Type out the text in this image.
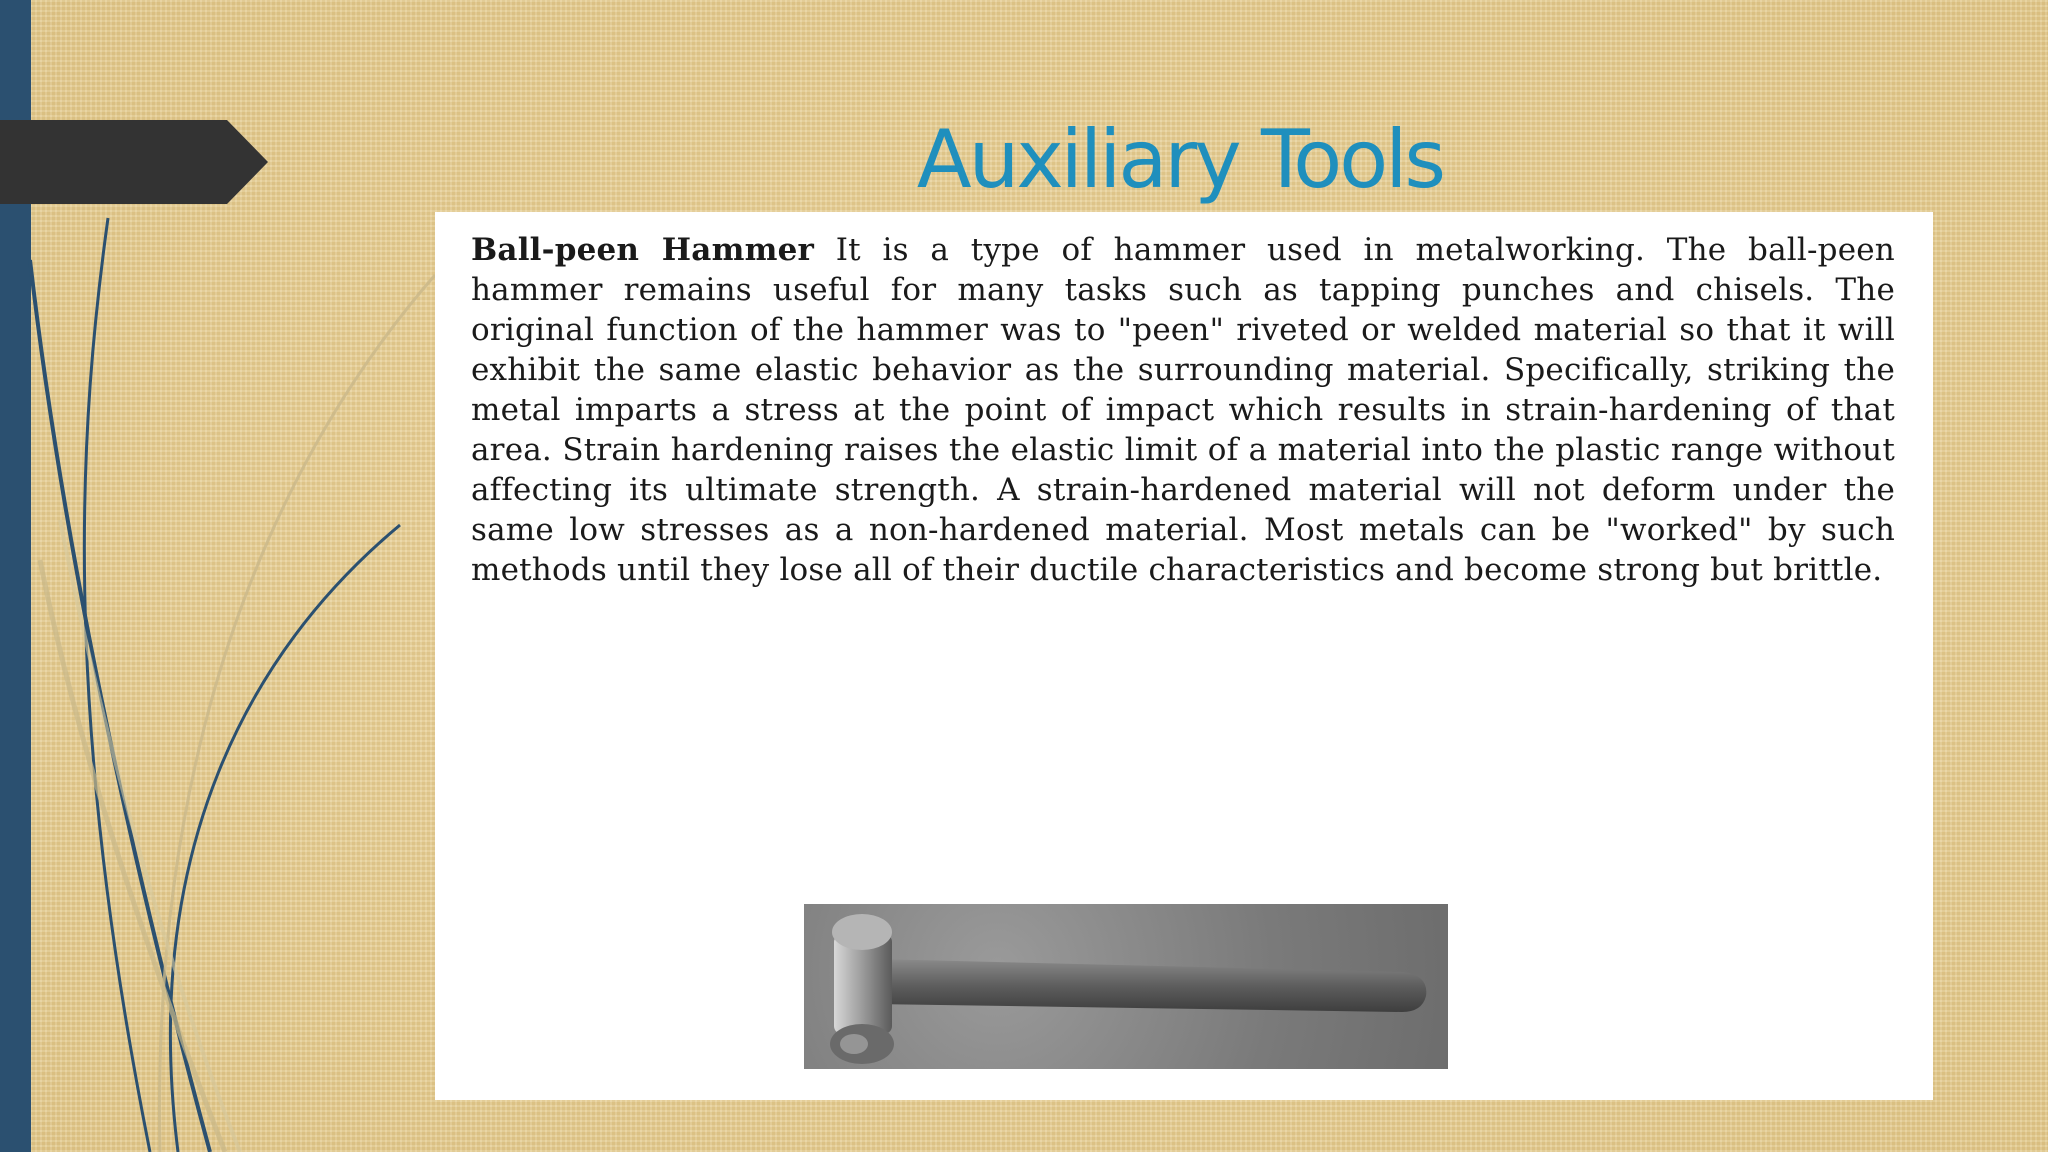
Auxiliary Tools

Ball-peen Hammer It is a type of hammer used in metalworking. The ball-peen hammer remains useful for many tasks such as tapping punches and chisels. The original function of the hammer was to "peen" riveted or welded material so that it will exhibit the same elastic behavior as the surrounding material. Specifically, striking the metal imparts a stress at the point of impact which results in strain-hardening of that area. Strain hardening raises the elastic limit of a material into the plastic range without affecting its ultimate strength. A strain-hardened material will not deform under the same low stresses as a non-hardened material. Most metals can be "worked" by such methods until they lose all of their ductile characteristics and become strong but brittle.
